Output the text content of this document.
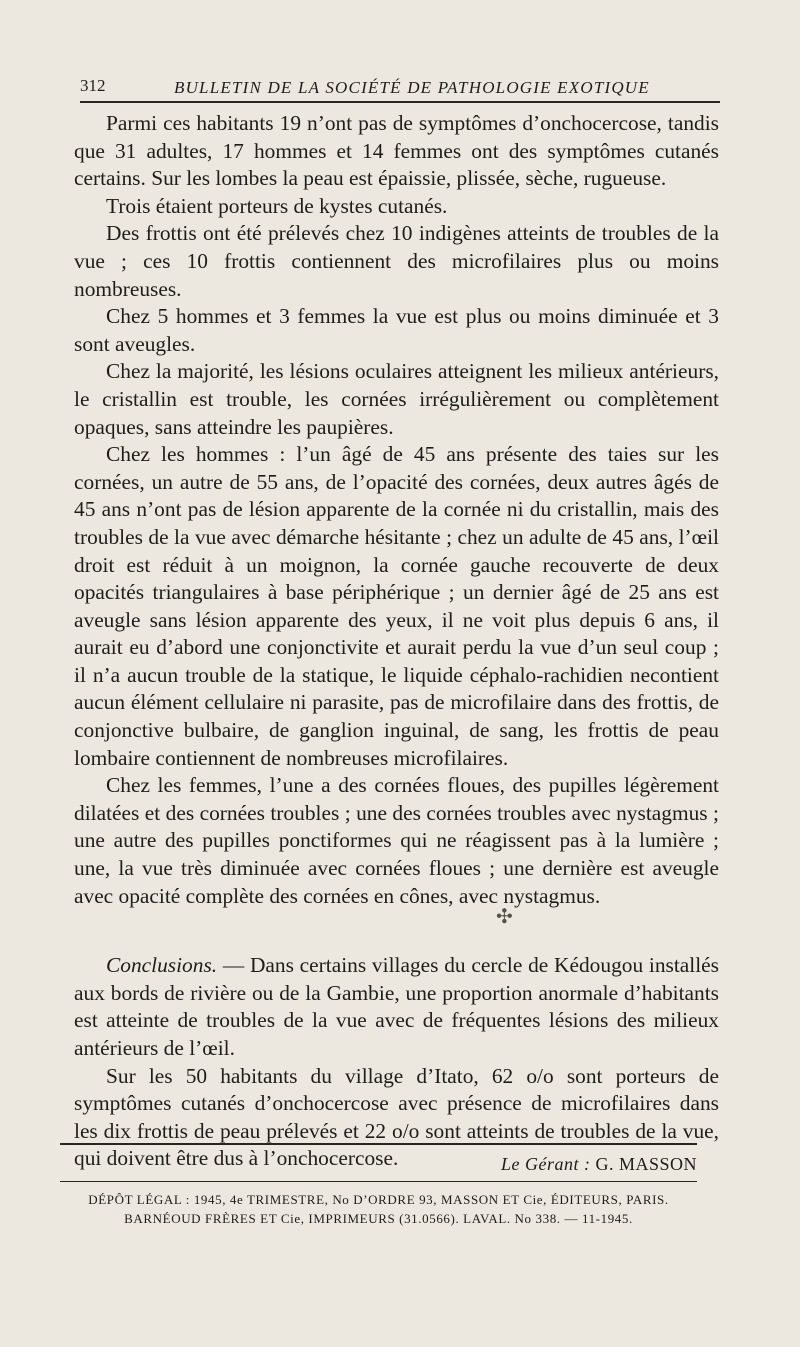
312	BULLETIN DE LA SOCIÉTÉ DE PATHOLOGIE EXOTIQUE

Parmi ces habitants 19 n’ont pas de symptômes d’onchocercose, tandis que 31 adultes, 17 hommes et 14 femmes ont des symptômes cutanés certains. Sur les lombes la peau est épaissie, plissée, sèche, rugueuse.

Trois étaient porteurs de kystes cutanés.

Des frottis ont été prélevés chez 10 indigènes atteints de troubles de la vue ; ces 10 frottis contiennent des microfilaires plus ou moins nombreuses.

Chez 5 hommes et 3 femmes la vue est plus ou moins diminuée et 3 sont aveugles.

Chez la majorité, les lésions oculaires atteignent les milieux antérieurs, le cristallin est trouble, les cornées irrégulièrement ou complètement opaques, sans atteindre les paupières.

Chez les hommes : l’un âgé de 45 ans présente des taies sur les cornées, un autre de 55 ans, de l’opacité des cornées, deux autres âgés de 45 ans n’ont pas de lésion apparente de la cornée ni du cristallin, mais des troubles de la vue avec démarche hésitante ; chez un adulte de 45 ans, l’œil droit est réduit à un moignon, la cornée gauche recouverte de deux opacités triangulaires à base périphérique ; un dernier âgé de 25 ans est aveugle sans lésion apparente des yeux, il ne voit plus depuis 6 ans, il aurait eu d’abord une conjonctivite et aurait perdu la vue d’un seul coup ; il n’a aucun trouble de la statique, le liquide céphalo-rachidien necontient aucun élément cellulaire ni parasite, pas de microfilaire dans des frottis, de conjonctive bulbaire, de ganglion inguinal, de sang, les frottis de peau lombaire contiennent de nombreuses microfilaires.

Chez les femmes, l’une a des cornées floues, des pupilles légèrement dilatées et des cornées troubles ; une des cornées troubles avec nystagmus ; une autre des pupilles ponctiformes qui ne réagissent pas à la lumière ; une, la vue très diminuée avec cornées floues ; une dernière est aveugle avec opacité complète des cornées en cônes, avec nystagmus.

Conclusions. — Dans certains villages du cercle de Kédougou installés aux bords de rivière ou de la Gambie, une proportion anormale d’habitants est atteinte de troubles de la vue avec de fréquentes lésions des milieux antérieurs de l’œil.

Sur les 50 habitants du village d’Itato, 62 o/o sont porteurs de symptômes cutanés d’onchocercose avec présence de microfilaires dans les dix frottis de peau prélevés et 22 o/o sont atteints de troubles de la vue, qui doivent être dus à l’onchocercose.

✣
Le Gérant : G. MASSON
DÉPÔT LÉGAL : 1945, 4e TRIMESTRE, No D’ORDRE 93, MASSON ET Cie, ÉDITEURS, PARIS.
BARNÉOUD FRÈRES ET Cie, IMPRIMEURS (31.0566). LAVAL. No 338. — 11-1945.
